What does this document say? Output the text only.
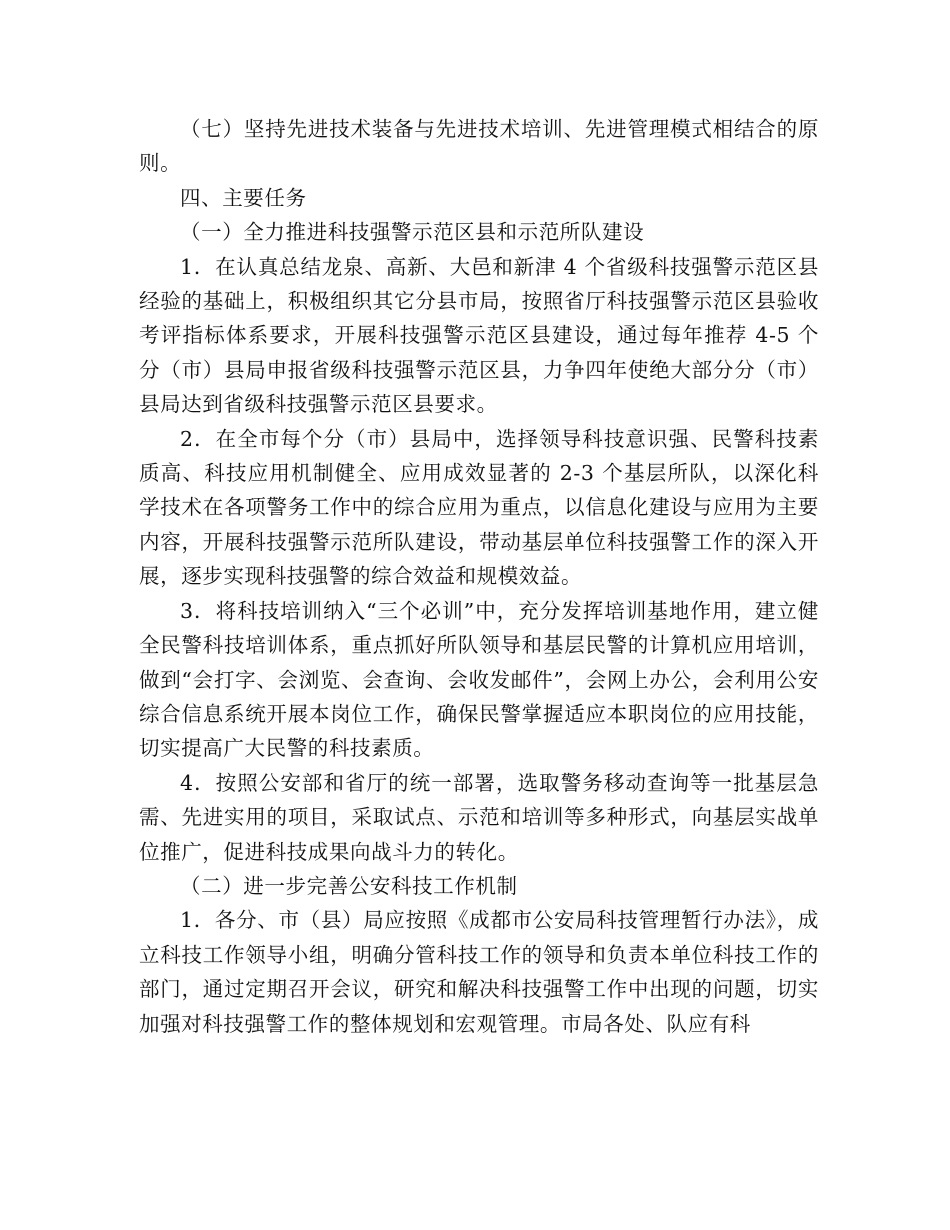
（七）坚持先进技术装备与先进技术培训、先进管理模式相结合的原则。

四、主要任务

（一）全力推进科技强警示范区县和示范所队建设

1．在认真总结龙泉、高新、大邑和新津 4 个省级科技强警示范区县经验的基础上，积极组织其它分县市局，按照省厅科技强警示范区县验收考评指标体系要求，开展科技强警示范区县建设，通过每年推荐 4-5 个分（市）县局申报省级科技强警示范区县，力争四年使绝大部分分（市）县局达到省级科技强警示范区县要求。

2．在全市每个分（市）县局中，选择领导科技意识强、民警科技素质高、科技应用机制健全、应用成效显著的 2-3 个基层所队，以深化科学技术在各项警务工作中的综合应用为重点，以信息化建设与应用为主要内容，开展科技强警示范所队建设，带动基层单位科技强警工作的深入开展，逐步实现科技强警的综合效益和规模效益。

3．将科技培训纳入“三个必训”中，充分发挥培训基地作用，建立健全民警科技培训体系，重点抓好所队领导和基层民警的计算机应用培训，做到“会打字、会浏览、会查询、会收发邮件”，会网上办公，会利用公安综合信息系统开展本岗位工作，确保民警掌握适应本职岗位的应用技能，切实提高广大民警的科技素质。

4．按照公安部和省厅的统一部署，选取警务移动查询等一批基层急需、先进实用的项目，采取试点、示范和培训等多种形式，向基层实战单位推广，促进科技成果向战斗力的转化。

（二）进一步完善公安科技工作机制

1．各分、市（县）局应按照《成都市公安局科技管理暂行办法》，成立科技工作领导小组，明确分管科技工作的领导和负责本单位科技工作的部门，通过定期召开会议，研究和解决科技强警工作中出现的问题，切实加强对科技强警工作的整体规划和宏观管理。市局各处、队应有科
